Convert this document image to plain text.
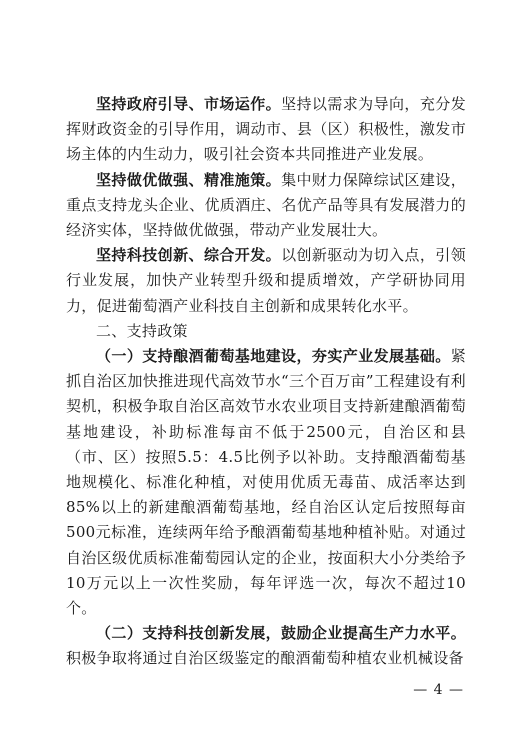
坚持政府引导、市场运作。坚持以需求为导向，充分发挥财政资金的引导作用，调动市、县（区）积极性，激发市场主体的内生动力，吸引社会资本共同推进产业发展。

坚持做优做强、精准施策。集中财力保障综试区建设，重点支持龙头企业、优质酒庄、名优产品等具有发展潜力的经济实体，坚持做优做强，带动产业发展壮大。

坚持科技创新、综合开发。以创新驱动为切入点，引领行业发展，加快产业转型升级和提质增效，产学研协同用力，促进葡萄酒产业科技自主创新和成果转化水平。

二、支持政策

（一）支持酿酒葡萄基地建设，夯实产业发展基础。紧抓自治区加快推进现代高效节水“三个百万亩”工程建设有利契机，积极争取自治区高效节水农业项目支持新建酿酒葡萄基地建设，补助标准每亩不低于2500元，自治区和县（市、区）按照5.5：4.5比例予以补助。支持酿酒葡萄基地规模化、标准化种植，对使用优质无毒苗、成活率达到85%以上的新建酿酒葡萄基地，经自治区认定后按照每亩500元标准，连续两年给予酿酒葡萄基地种植补贴。对通过自治区级优质标准葡萄园认定的企业，按面积大小分类给予10万元以上一次性奖励，每年评选一次，每次不超过10个。

（二）支持科技创新发展，鼓励企业提高生产力水平。积极争取将通过自治区级鉴定的酿酒葡萄种植农业机械设备

— 4 —
